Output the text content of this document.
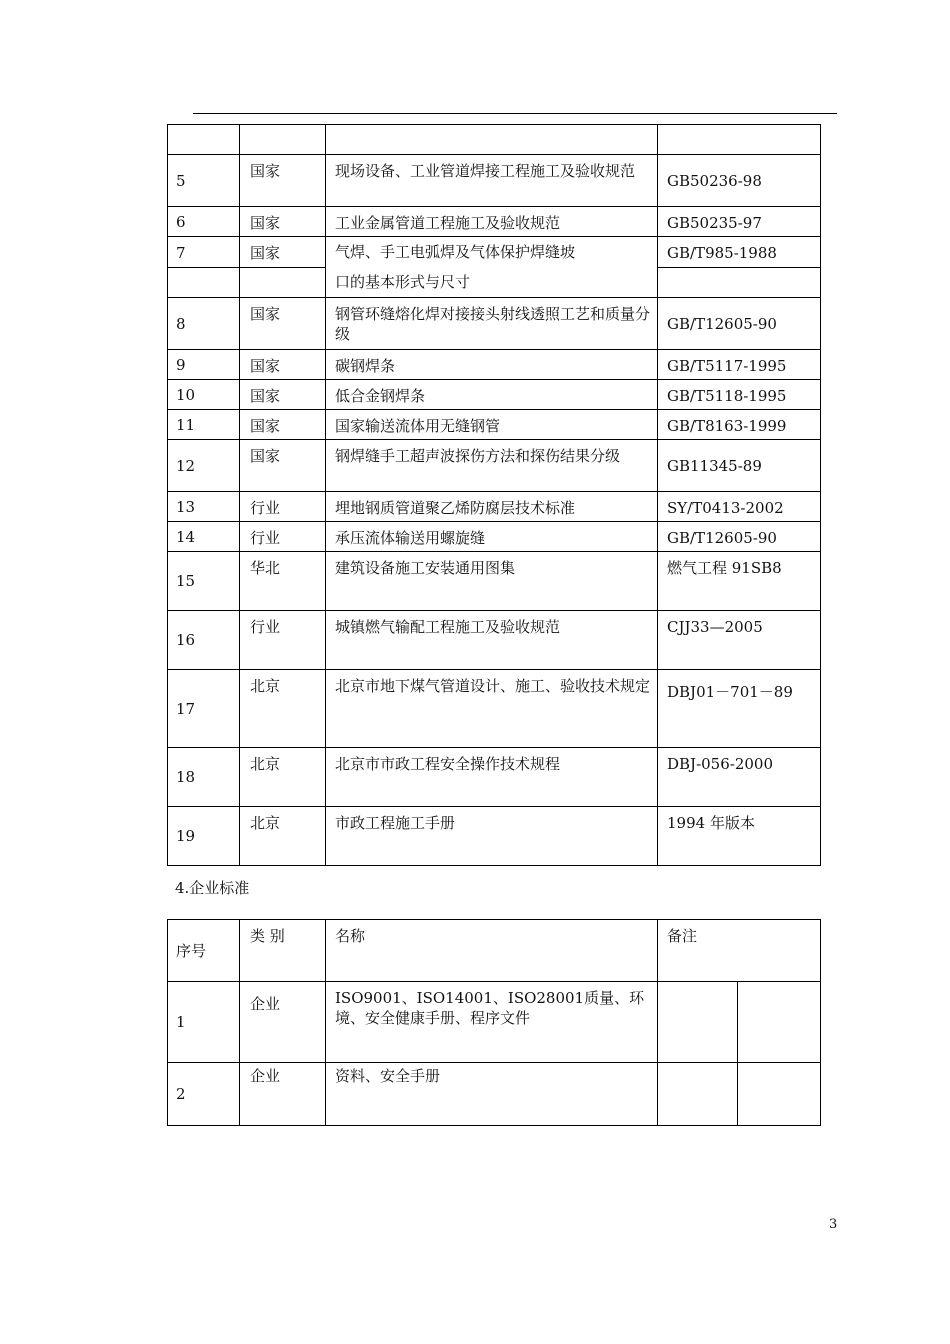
5	国家	现场设备、工业管道焊接工程施工及验收规范	GB50236-98
6	国家	工业金属管道工程施工及验收规范	GB50235-97
7	国家	气焊、手工电弧焊及气体保护焊缝坡
口的基本形式与尺寸	GB/T985-1988

8	国家	钢管环缝熔化焊对接接头射线透照工艺和质量分级	GB/T12605-90
9	国家	碳钢焊条	GB/T5117-1995
10	国家	低合金钢焊条	GB/T5118-1995
11	国家	国家输送流体用无缝钢管	GB/T8163-1999
12	国家	钢焊缝手工超声波探伤方法和探伤结果分级	GB11345-89
13	行业	埋地钢质管道聚乙烯防腐层技术标准	SY/T0413-2002
14	行业	承压流体输送用螺旋缝	GB/T12605-90
15	华北	建筑设备施工安装通用图集	燃气工程 91SB8
16	行业	城镇燃气输配工程施工及验收规范	CJJ33—2005
17	北京	北京市地下煤气管道设计、施工、验收技术规定	DBJ01－701－89
18	北京	北京市市政工程安全操作技术规程	DBJ-056-2000
19	北京	市政工程施工手册	1994 年版本
4.企业标准
序号	类 别	名称	备注	
1	企业	ISO9001、ISO14001、ISO28001质量、环境、安全健康手册、程序文件		
2	企业	资料、安全手册		
3
